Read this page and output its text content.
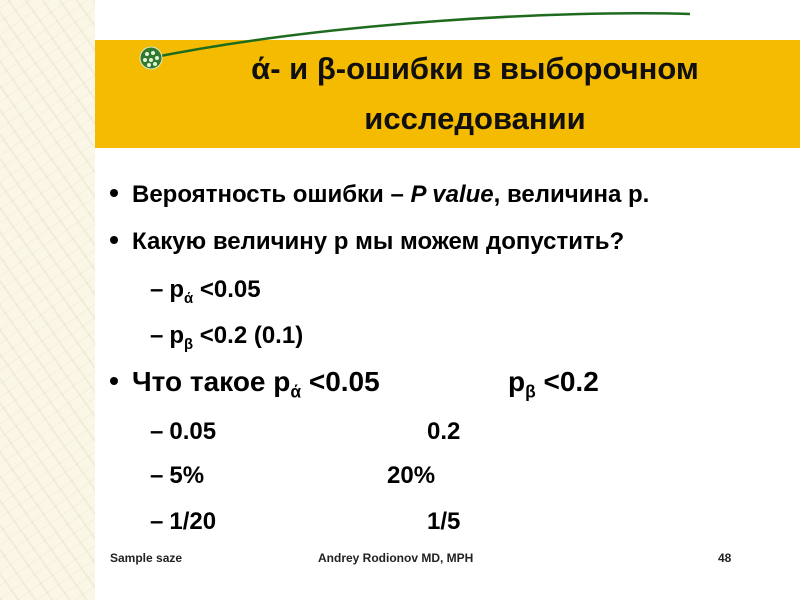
ά- и β-ошибки в выборочном
исследовании
Вероятность ошибки – P value, величина p.
Какую величину p мы можем допустить?
– $p_ά <0.05$
– $p_\beta <0.2$ (0.1)
Что такое $p_ά <0.05$	$p_\beta <0.2$
– 0.05	0.2
– 5%	20%
– 1/20	1/5
Sample saze	Andrey Rodionov MD, MPH	48
